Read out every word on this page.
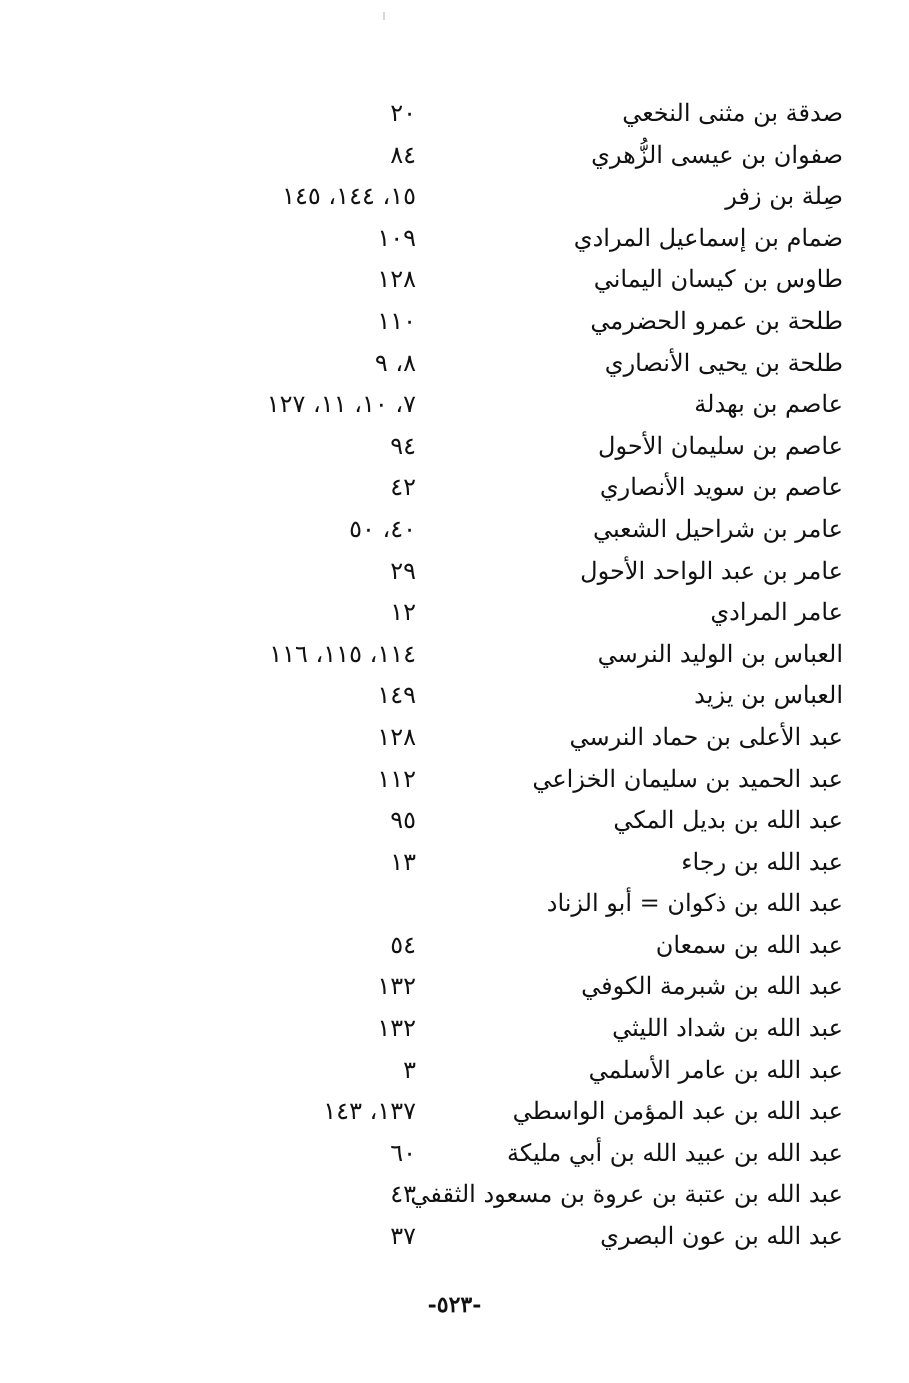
صدقة بن مثنى النخعي
٢٠
صفوان بن عيسى الزُّهري
٨٤
صِلة بن زفر
١٥، ١٤٤، ١٤٥
ضمام بن إسماعيل المرادي
١٠٩
طاوس بن كيسان اليماني
١٢٨
طلحة بن عمرو الحضرمي
١١٠
طلحة بن يحيى الأنصاري
٨، ٩
عاصم بن بهدلة
٧، ١٠، ١١، ١٢٧
عاصم بن سليمان الأحول
٩٤
عاصم بن سويد الأنصاري
٤٢
عامر بن شراحيل الشعبي
٤٠، ٥٠
عامر بن عبد الواحد الأحول
٢٩
عامر المرادي
١٢
العباس بن الوليد النرسي
١١٤، ١١٥، ١١٦
العباس بن يزيد
١٤٩
عبد الأعلى بن حماد النرسي
١٢٨
عبد الحميد بن سليمان الخزاعي
١١٢
عبد الله بن بديل المكي
٩٥
عبد الله بن رجاء
١٣
عبد الله بن ذكوان = أبو الزناد
عبد الله بن سمعان
٥٤
عبد الله بن شبرمة الكوفي
١٣٢
عبد الله بن شداد الليثي
١٣٢
عبد الله بن عامر الأسلمي
٣
عبد الله بن عبد المؤمن الواسطي
١٣٧، ١٤٣
عبد الله بن عبيد الله بن أبي مليكة
٦٠
عبد الله بن عتبة بن عروة بن مسعود الثقفي
٤٣
عبد الله بن عون البصري
٣٧
-٥٢٣-
